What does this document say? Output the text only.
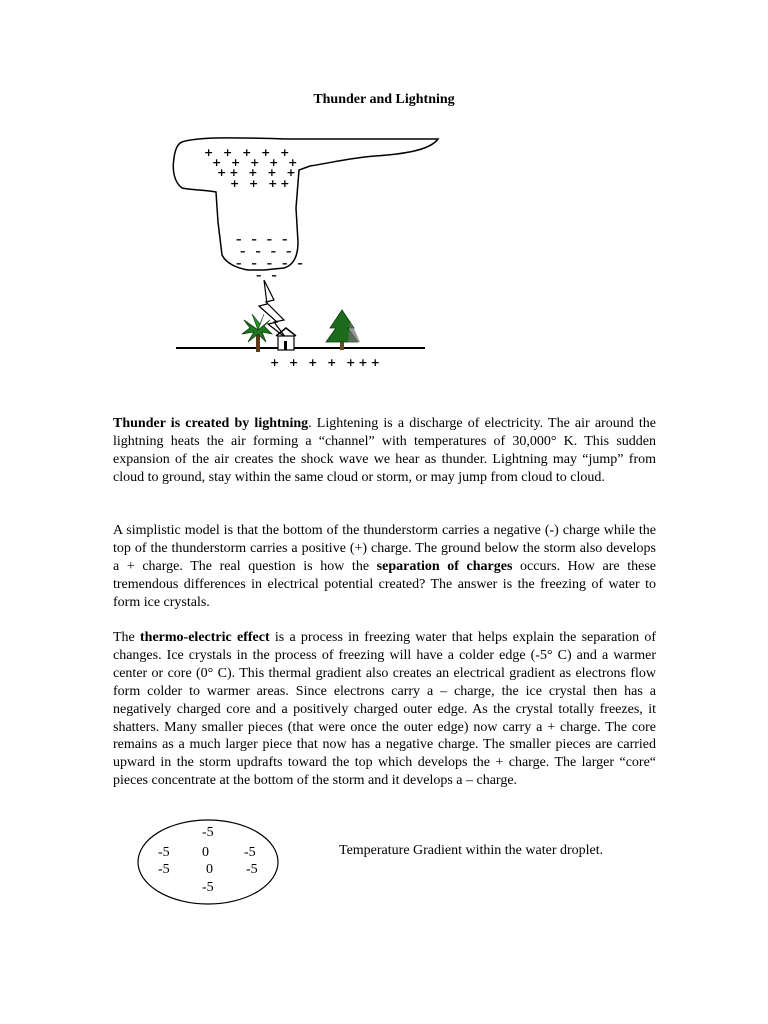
Thunder and Lightning
+ + + + +
+ + + + +
++ + + +
+ + ++
– – – –
– – – –
– – – – –
– –
+ + + + +++

Thunder is created by lightning. Lightening is a discharge of electricity. The air around the lightning heats the air forming a “channel” with temperatures of 30,000° K. This sudden expansion of the air creates the shock wave we hear as thunder. Lightning may “jump” from cloud to ground, stay within the same cloud or storm, or may jump from cloud to cloud.

A simplistic model is that the bottom of the thunderstorm carries a negative (-) charge while the top of the thunderstorm carries a positive (+) charge. The ground below the storm also develops a + charge. The real question is how the separation of charges occurs. How are these tremendous differences in electrical potential created? The answer is the freezing of water to form ice crystals.

The thermo-electric effect is a process in freezing water that helps explain the separation of changes. Ice crystals in the process of freezing will have a colder edge (-5° C) and a warmer center or core (0° C). This thermal gradient also creates an electrical gradient as electrons flow form colder to warmer areas. Since electrons carry a – charge, the ice crystal then has a negatively charged core and a positively charged outer edge. As the crystal totally freezes, it shatters. Many smaller pieces (that were once the outer edge) now carry a + charge. The core remains as a much larger piece that now has a negative charge. The smaller pieces are carried upward in the storm updrafts toward the top which develops the + charge. The larger “core“ pieces concentrate at the bottom of the storm and it develops a – charge.

-5
-5 0	-5
-5	0 -5
-5
Temperature Gradient within the water droplet.
